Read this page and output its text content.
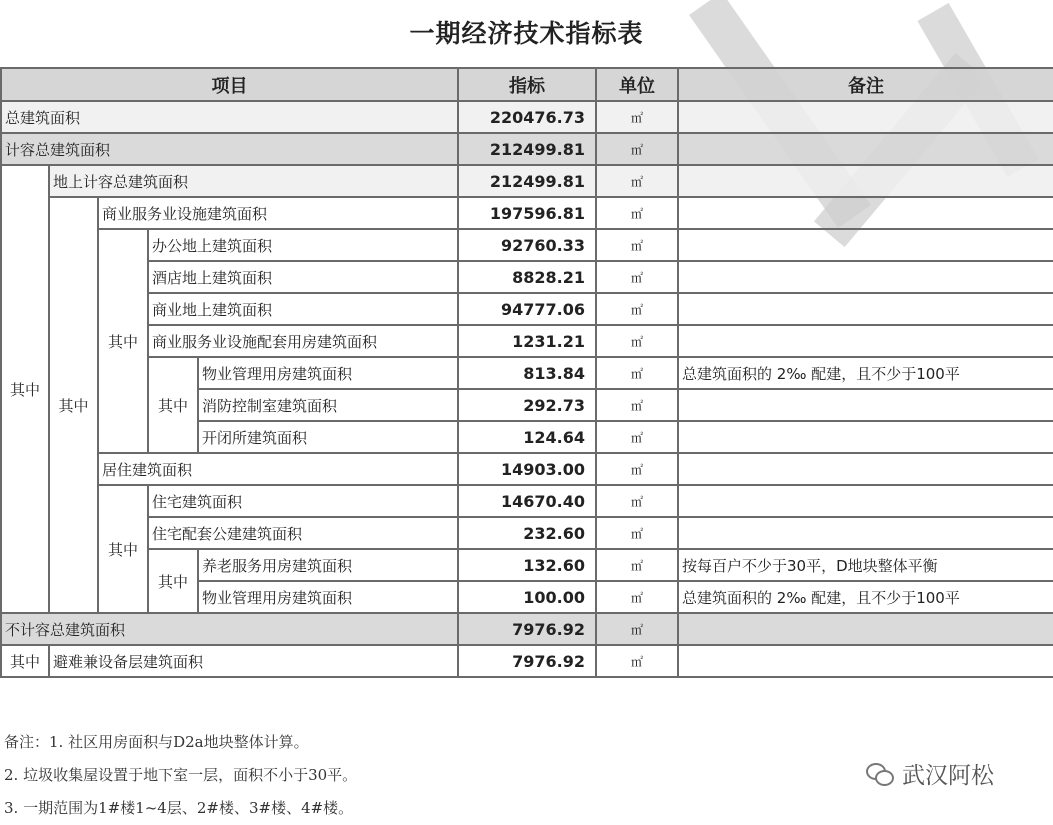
一期经济技术指标表
项目					指标	单位	备注
总建筑面积					220476.73	㎡	
计容总建筑面积					212499.81	㎡	
其中	地上计容总建筑面积				212499.81	㎡	
	其中	商业服务业设施建筑面积			197596.81	㎡	
		其中	办公地上建筑面积		92760.33	㎡	
			酒店地上建筑面积		8828.21	㎡	
			商业地上建筑面积		94777.06	㎡	
			商业服务业设施配套用房建筑面积		1231.21	㎡	
			其中	物业管理用房建筑面积	813.84	㎡	总建筑面积的 2‰ 配建，且不少于100平
				消防控制室建筑面积	292.73	㎡	
				开闭所建筑面积	124.64	㎡	
		居住建筑面积			14903.00	㎡	
		其中	住宅建筑面积		14670.40	㎡	
			住宅配套公建建筑面积		232.60	㎡	
			其中	养老服务用房建筑面积	132.60	㎡	按每百户不少于30平，D地块整体平衡
				物业管理用房建筑面积	100.00	㎡	总建筑面积的 2‰ 配建，且不少于100平
不计容总建筑面积					7976.92	㎡	
其中	避难兼设备层建筑面积				7976.92	㎡	
备注：1. 社区用房面积与D2a地块整体计算。
2. 垃圾收集屋设置于地下室一层，面积不小于30平。
3. 一期范围为1#楼1~4层、2#楼、3#楼、4#楼。
武汉阿松
